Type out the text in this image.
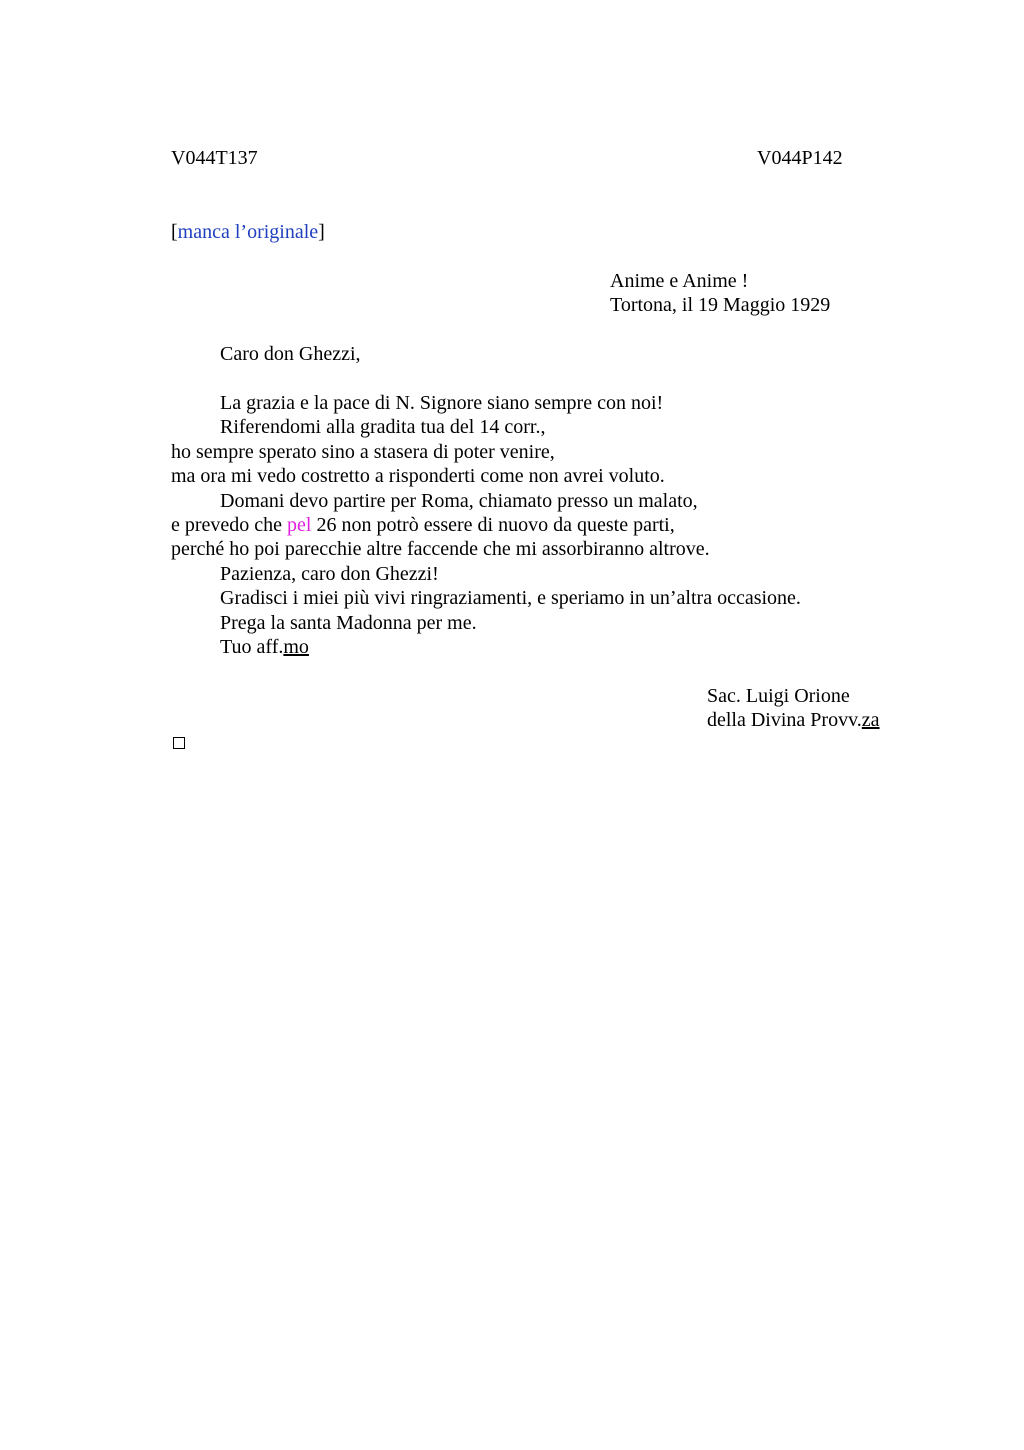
V044T137	V044P142
[manca l’originale]
Anime e Anime !
Tortona, il 19 Maggio 1929
Caro don Ghezzi,
La grazia e la pace di N. Signore siano sempre con noi!
Riferendomi alla gradita tua del 14 corr.,
ho sempre sperato sino a stasera di poter venire,
ma ora mi vedo costretto a risponderti come non avrei voluto.
Domani devo partire per Roma, chiamato presso un malato,
e prevedo che pel 26 non potrò essere di nuovo da queste parti,
perché ho poi parecchie altre faccende che mi assorbiranno altrove.
Pazienza, caro don Ghezzi!
Gradisci i miei più vivi ringraziamenti, e speriamo in un’altra occasione.
Prega la santa Madonna per me.
Tuo aff.mo
Sac. Luigi Orione
della Divina Provv.za
